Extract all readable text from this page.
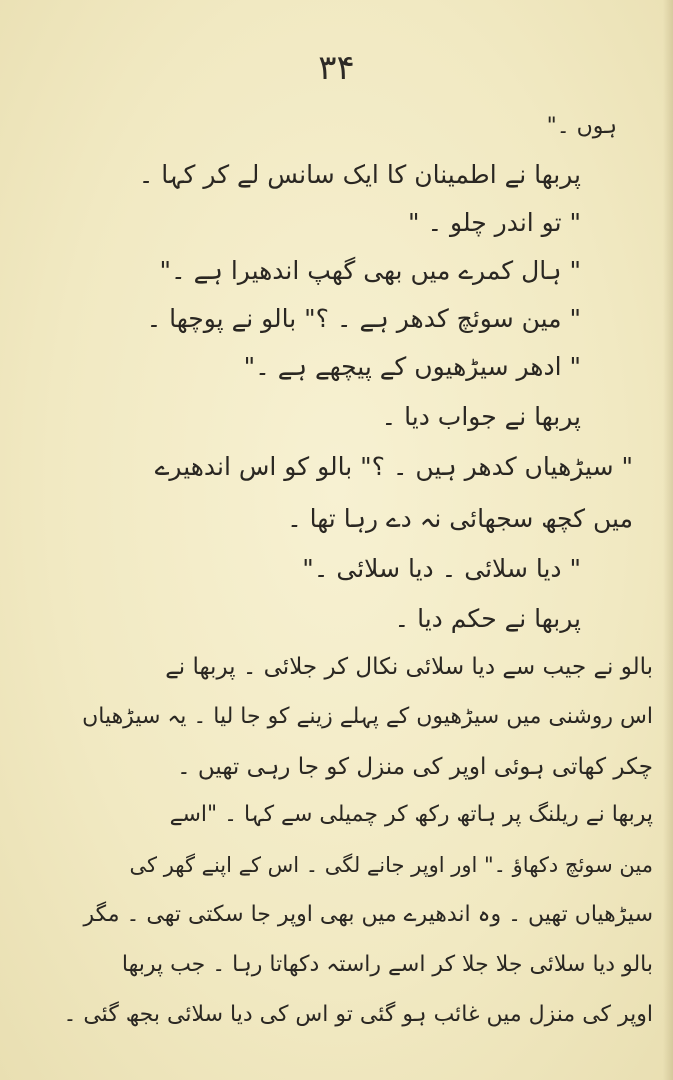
۳۴
ہوں ۔"
پربھا نے اطمینان کا ایک سانس لے کر کہا ۔
" تو اندر چلو ۔ "
" ہال کمرے میں بھی گھپ اندھیرا ہے ۔"
" مین سوئچ کدھر ہے ۔ ؟" بالو نے پوچھا ۔
" ادھر سیڑھیوں کے پیچھے ہے ۔"
پربھا نے جواب دیا ۔
" سیڑھیاں کدھر ہیں ۔ ؟" بالو کو اس اندھیرے
میں کچھ سجھائی نہ دے رہا تھا ۔
" دیا سلائی ۔ دیا سلائی ۔"
پربھا نے حکم دیا ۔
بالو نے جیب سے دیا سلائی نکال کر جلائی ۔ پربھا نے
اس روشنی میں سیڑھیوں کے پہلے زینے کو جا لیا ۔ یہ سیڑھیاں
چکر کھاتی ہوئی اوپر کی منزل کو جا رہی تھیں ۔
پربھا نے ریلنگ پر ہاتھ رکھ کر چمیلی سے کہا ۔ "اسے
مین سوئچ دکھاؤ ۔" اور اوپر جانے لگی ۔ اس کے اپنے گھر کی
سیڑھیاں تھیں ۔ وہ اندھیرے میں بھی اوپر جا سکتی تھی ۔ مگر
بالو دیا سلائی جلا جلا کر اسے راستہ دکھاتا رہا ۔ جب پربھا
اوپر کی منزل میں غائب ہو گئی تو اس کی دیا سلائی بجھ گئی ۔
